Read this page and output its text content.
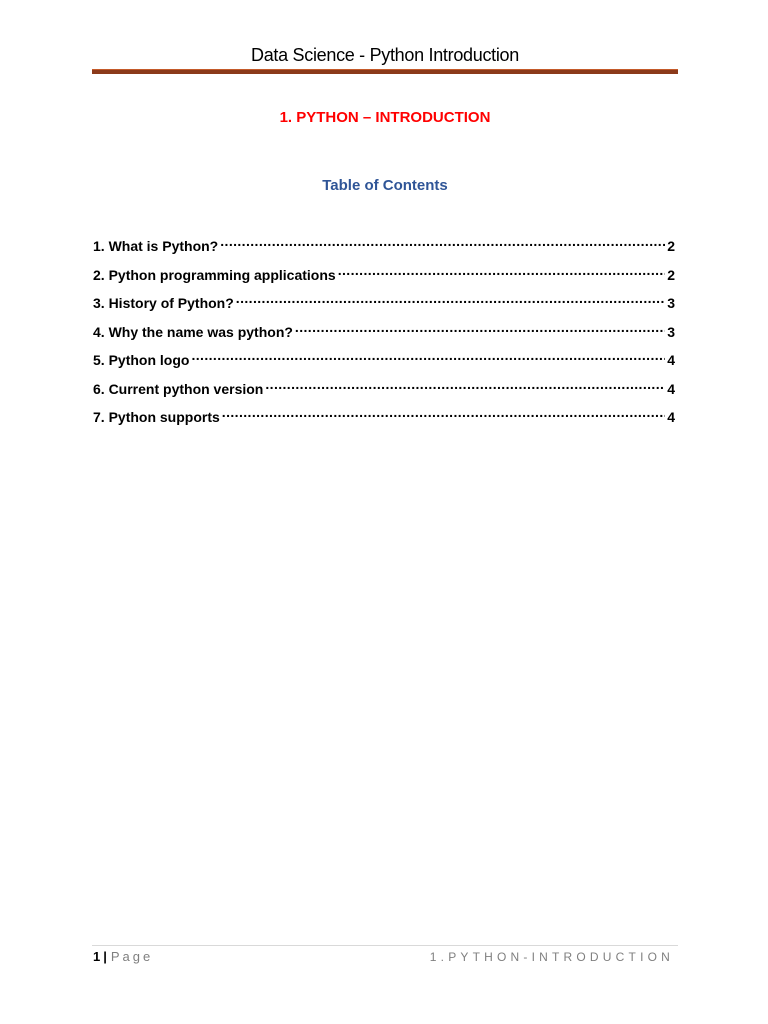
Data Science - Python Introduction
1. PYTHON – INTRODUCTION
Table of Contents
1. What is Python? .....	2
2. Python programming applications .....	2
3. History of Python? .....	3
4. Why the name was python? .....	3
5. Python logo .....	4
6. Current python version .....	4
7. Python supports .....	4
1 | Page	1.PYTHON-INTRODUCTION
